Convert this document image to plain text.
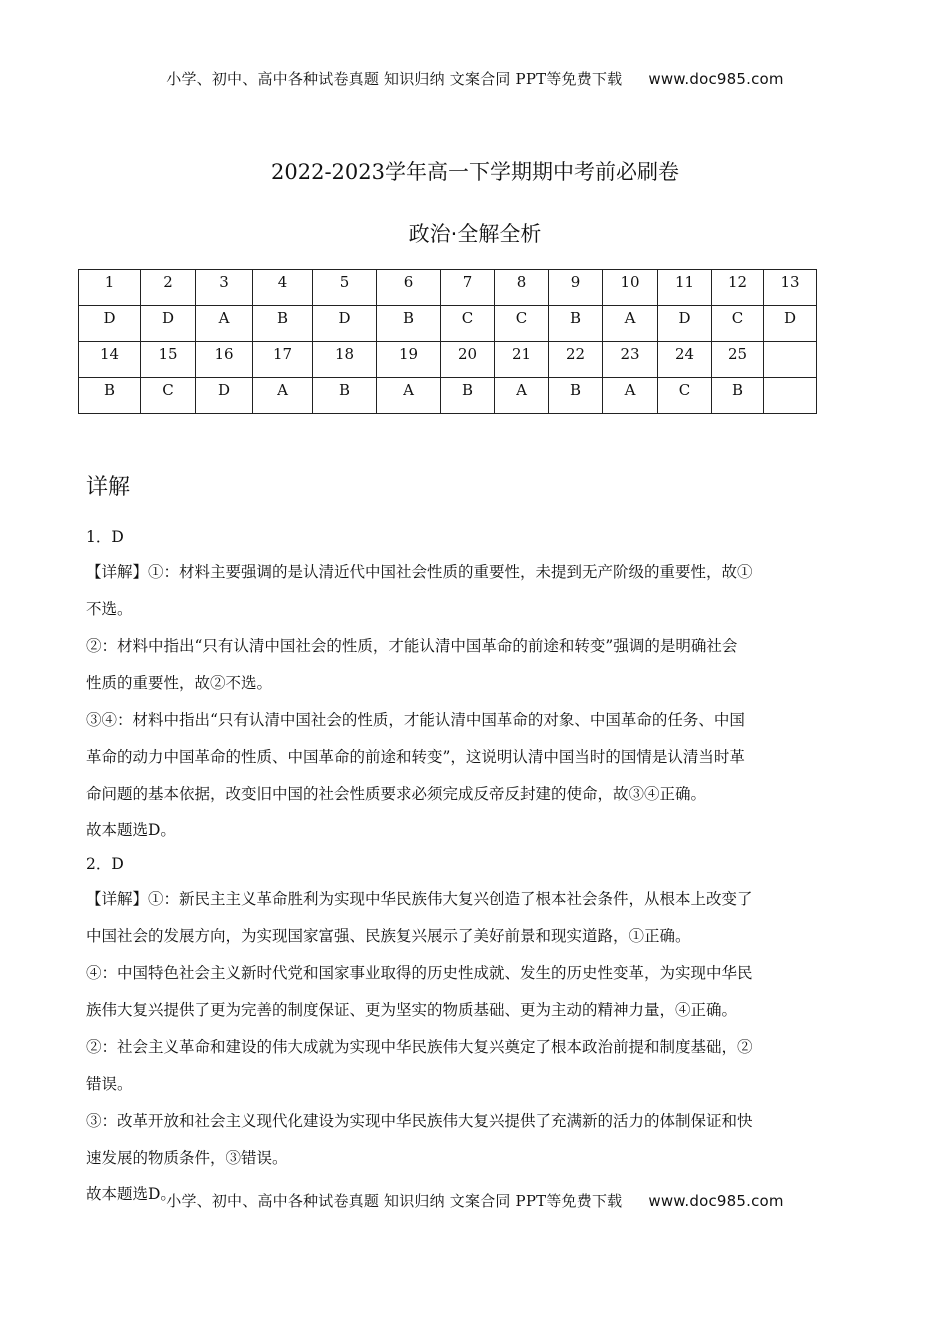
小学、初中、高中各种试卷真题 知识归纳 文案合同 PPT等免费下载 www.doc985.com
2022-2023学年高一下学期期中考前必刷卷
政治·全解全析
1	2	3	4	5	6	7	8	9	10	11	12	13
D	D	A	B	D	B	C	C	B	A	D	C	D
14	15	16	17	18	19	20	21	22	23	24	25	
B	C	D	A	B	A	B	A	B	A	C	B	
详解

1．D

【详解】①：材料主要强调的是认清近代中国社会性质的重要性，未提到无产阶级的重要性，故①

不选。

②：材料中指出“只有认清中国社会的性质，才能认清中国革命的前途和转变”强调的是明确社会

性质的重要性，故②不选。

③④：材料中指出“只有认清中国社会的性质，才能认清中国革命的对象、中国革命的任务、中国

革命的动力中国革命的性质、中国革命的前途和转变”，这说明认清中国当时的国情是认清当时革

命问题的基本依据，改变旧中国的社会性质要求必须完成反帝反封建的使命，故③④正确。

故本题选D。

2．D

【详解】①：新民主主义革命胜利为实现中华民族伟大复兴创造了根本社会条件，从根本上改变了

中国社会的发展方向，为实现国家富强、民族复兴展示了美好前景和现实道路，①正确。

④：中国特色社会主义新时代党和国家事业取得的历史性成就、发生的历史性变革，为实现中华民

族伟大复兴提供了更为完善的制度保证、更为坚实的物质基础、更为主动的精神力量，④正确。

②：社会主义革命和建设的伟大成就为实现中华民族伟大复兴奠定了根本政治前提和制度基础，②

错误。

③：改革开放和社会主义现代化建设为实现中华民族伟大复兴提供了充满新的活力的体制保证和快

速发展的物质条件，③错误。

故本题选D。

小学、初中、高中各种试卷真题 知识归纳 文案合同 PPT等免费下载 www.doc985.com
